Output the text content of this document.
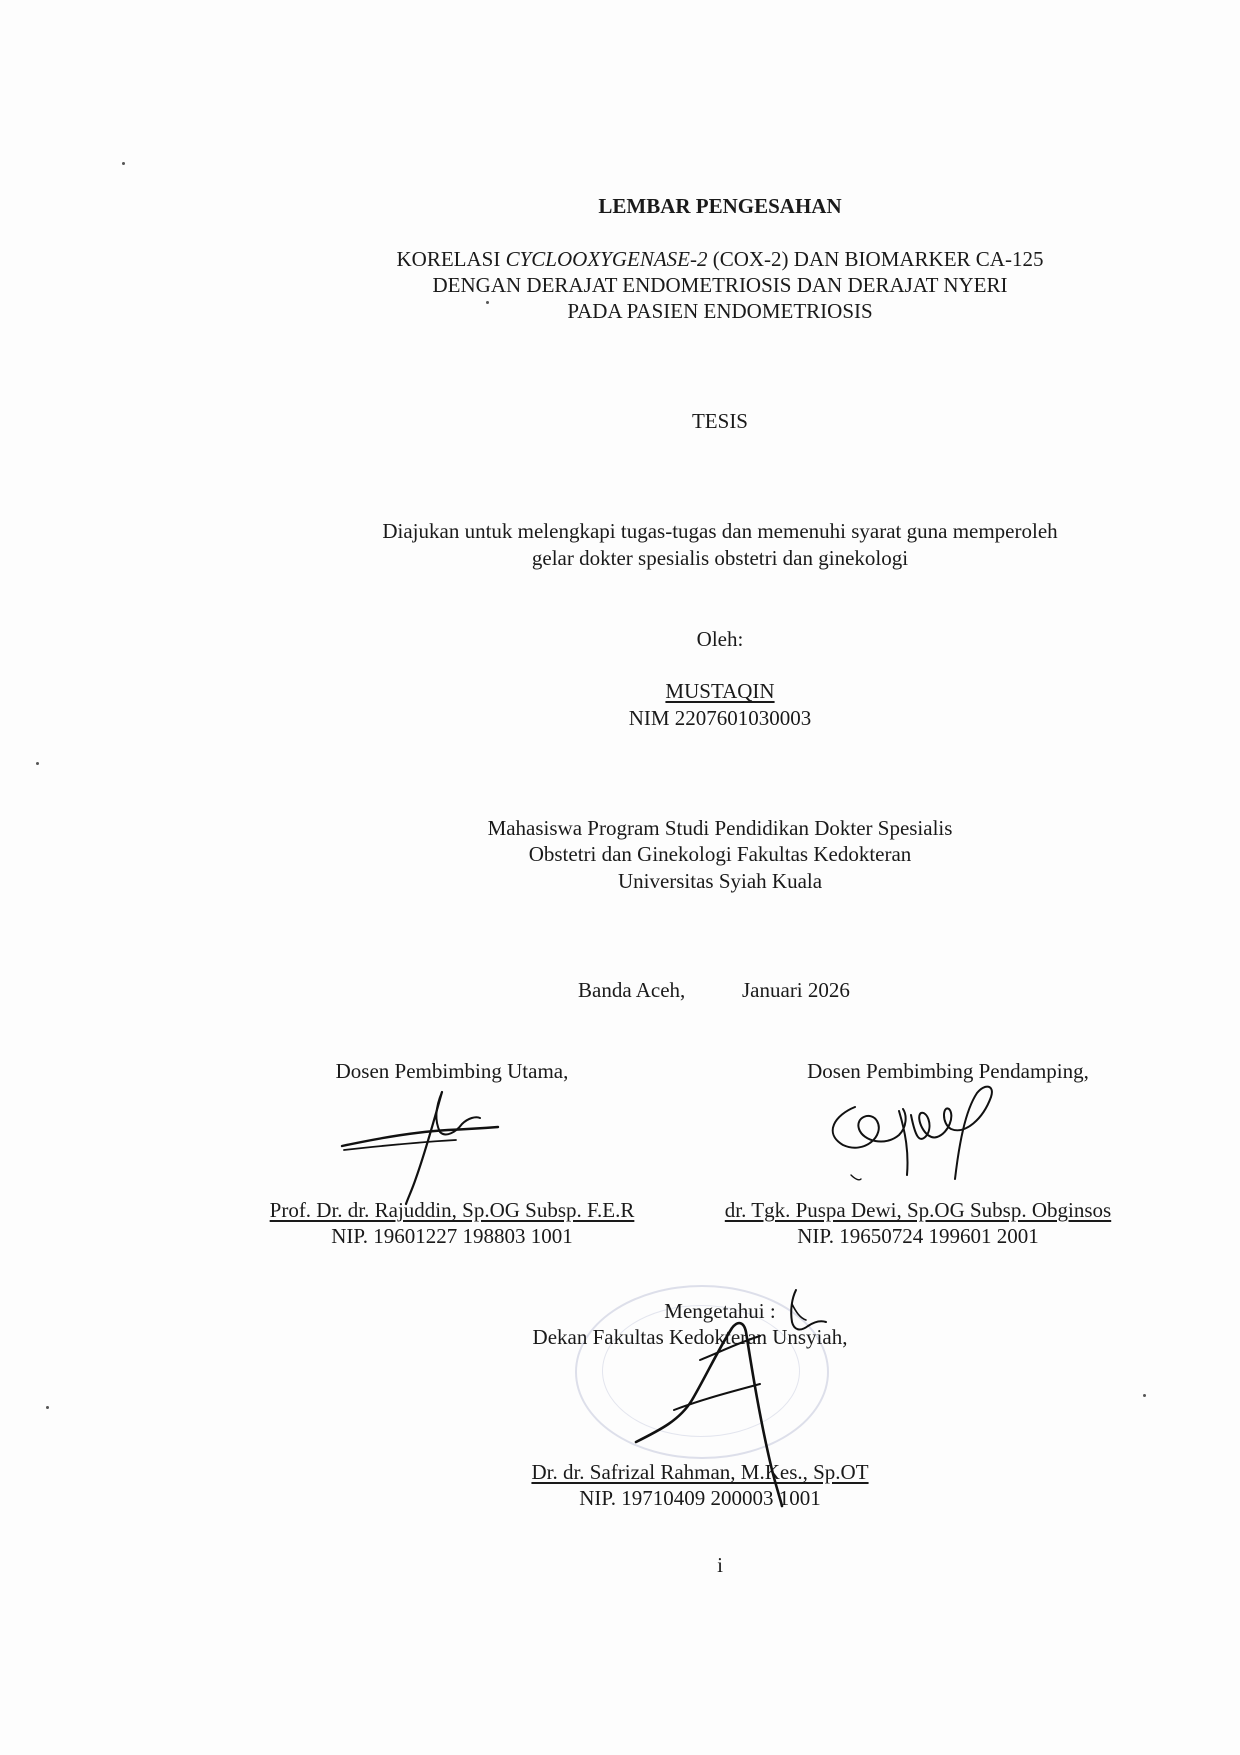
LEMBAR PENGESAHAN
KORELASI CYCLOOXYGENASE-2 (COX-2) DAN BIOMARKER CA-125
DENGAN DERAJAT ENDOMETRIOSIS DAN DERAJAT NYERI
PADA PASIEN ENDOMETRIOSIS
TESIS
Diajukan untuk melengkapi tugas-tugas dan memenuhi syarat guna memperoleh
gelar dokter spesialis obstetri dan ginekologi
Oleh:
MUSTAQIN
NIM 2207601030003
Mahasiswa Program Studi Pendidikan Dokter Spesialis
Obstetri dan Ginekologi Fakultas Kedokteran
Universitas Syiah Kuala
Banda Aceh,	Januari 2026
Dosen Pembimbing Utama,
Prof. Dr. dr. Rajuddin, Sp.OG Subsp. F.E.R
NIP. 19601227 198803 1001
Dosen Pembimbing Pendamping,
dr. Tgk. Puspa Dewi, Sp.OG Subsp. Obginsos
NIP. 19650724 199601 2001
Mengetahui :
Dekan Fakultas Kedokteran Unsyiah,
Dr. dr. Safrizal Rahman, M.Kes., Sp.OT
NIP. 19710409 200003 1001
i
